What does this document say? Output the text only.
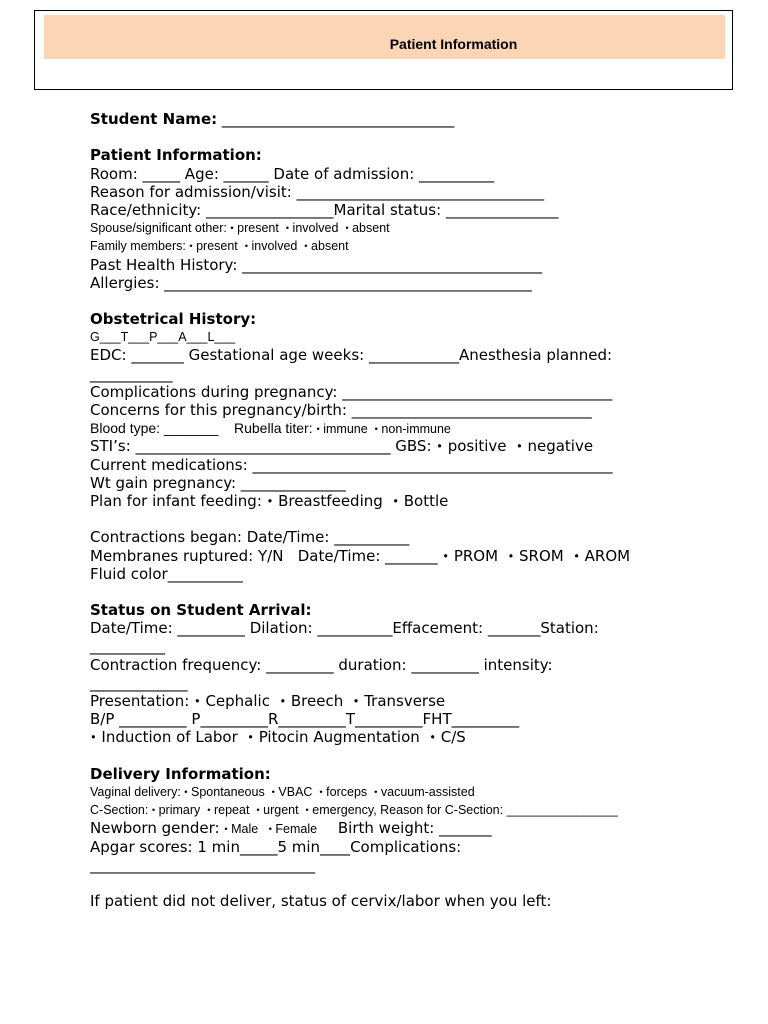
Patient Information
Student Name: _______________________________
Patient Information:
Room: _____ Age: ______ Date of admission: __________
Reason for admission/visit: _________________________________
Race/ethnicity: _________________Marital status: _______________
Spouse/significant other: • present  • involved  • absent
Family members: • present  • involved  • absent
Past Health History: ________________________________________
Allergies: _________________________________________________
Obstetrical History:
G___T___P___A___L___
EDC: _______ Gestational age weeks: ____________Anesthesia planned:
___________
Complications during pregnancy: ____________________________________
Concerns for this pregnancy/birth: ________________________________
Blood type: _______    Rubella titer: • immune  • non-immune
STI’s: __________________________________ GBS: • positive  • negative
Current medications: ________________________________________________
Wt gain pregnancy: ______________
Plan for infant feeding: • Breastfeeding  • Bottle
Contractions began: Date/Time: __________
Membranes ruptured: Y/N   Date/Time: _______ • PROM  • SROM  • AROM
Fluid color__________
Status on Student Arrival:
Date/Time: _________ Dilation: __________Effacement: _______Station:
__________
Contraction frequency: _________ duration: _________ intensity:
_____________
Presentation: • Cephalic  • Breech  • Transverse
B/P _________ P_________R_________T_________FHT_________
• Induction of Labor  • Pitocin Augmentation  • C/S
Delivery Information:
Vaginal delivery: • Spontaneous  • VBAC  • forceps  • vacuum-assisted
C-Section: • primary  • repeat  • urgent  • emergency, Reason for C-Section: ________________
Newborn gender: • Male   • Female      Birth weight: _______
Apgar scores: 1 min_____5 min____Complications:
______________________________
If patient did not deliver, status of cervix/labor when you left:
